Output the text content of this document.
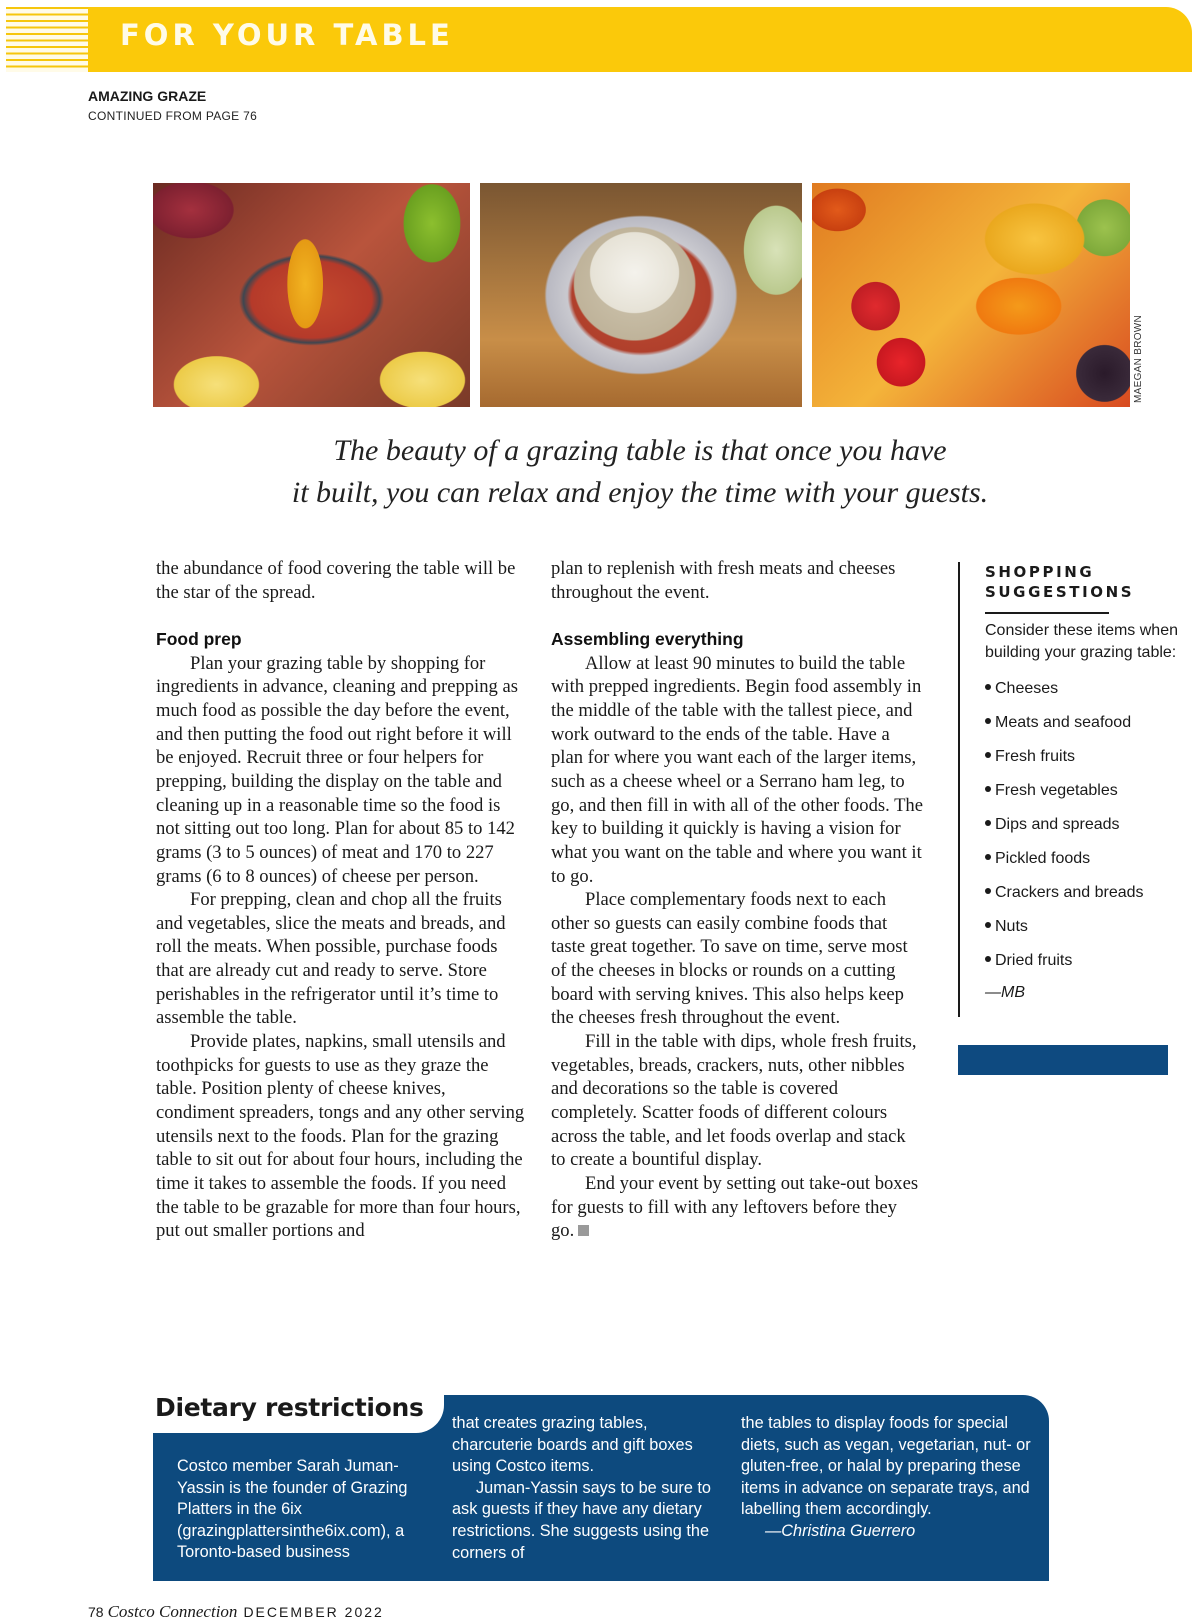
FOR YOUR TABLE
AMAZING GRAZE
CONTINUED FROM PAGE 76
MAEGAN BROWN
The beauty of a grazing table is that once you have
it built, you can relax and enjoy the time with your guests.

the abundance of food covering the table will be the star of the spread.

Food prep

Plan your grazing table by shopping for ingredients in advance, cleaning and prepping as much food as possible the day before the event, and then putting the food out right before it will be enjoyed. Recruit three or four helpers for prepping, building the display on the table and cleaning up in a reasonable time so the food is not sitting out too long. Plan for about 85 to 142 grams (3 to 5 ounces) of meat and 170 to 227 grams (6 to 8 ounces) of cheese per person.

For prepping, clean and chop all the fruits and vegetables, slice the meats and breads, and roll the meats. When possible, purchase foods that are already cut and ready to serve. Store perishables in the refrigerator until it’s time to assemble the table.

Provide plates, napkins, small utensils and toothpicks for guests to use as they graze the table. Position plenty of cheese knives, condiment spreaders, tongs and any other serving utensils next to the foods. Plan for the grazing table to sit out for about four hours, including the time it takes to assemble the foods. If you need the table to be grazable for more than four hours, put out smaller portions and

plan to replenish with fresh meats and cheeses throughout the event.

Assembling everything

Allow at least 90 minutes to build the table with prepped ingredients. Begin food assembly in the middle of the table with the tallest piece, and work outward to the ends of the table. Have a plan for where you want each of the larger items, such as a cheese wheel or a Serrano ham leg, to go, and then fill in with all of the other foods. The key to building it quickly is having a vision for what you want on the table and where you want it to go.

Place complementary foods next to each other so guests can easily combine foods that taste great together. To save on time, serve most of the cheeses in blocks or rounds on a cutting board with serving knives. This also helps keep the cheeses fresh throughout the event.

Fill in the table with dips, whole fresh fruits, vegetables, breads, crackers, nuts, other nibbles and decorations so the table is covered completely. Scatter foods of different colours across the table, and let foods overlap and stack to create a bountiful display.

End your event by setting out take-out boxes for guests to fill with any leftovers before they go.

SHOPPING
SUGGESTIONS
Consider these items when building your grazing table:
Cheeses
Meats and seafood
Fresh fruits
Fresh vegetables
Dips and spreads
Pickled foods
Crackers and breads
Nuts
Dried fruits
—MB
Dietary restrictions

Costco member Sarah Juman-Yassin is the founder of Grazing Platters in the 6ix (grazingplattersinthe6ix.com), a Toronto-based business

that creates grazing tables, charcuterie boards and gift boxes using Costco items.

Juman-Yassin says to be sure to ask guests if they have any dietary restrictions. She suggests using the corners of

the tables to display foods for special diets, such as vegan, vegetarian, nut- or gluten-free, or halal by preparing these items in advance on separate trays, and labelling them accordingly.

—Christina Guerrero

78 Costco Connection DECEMBER 2022
